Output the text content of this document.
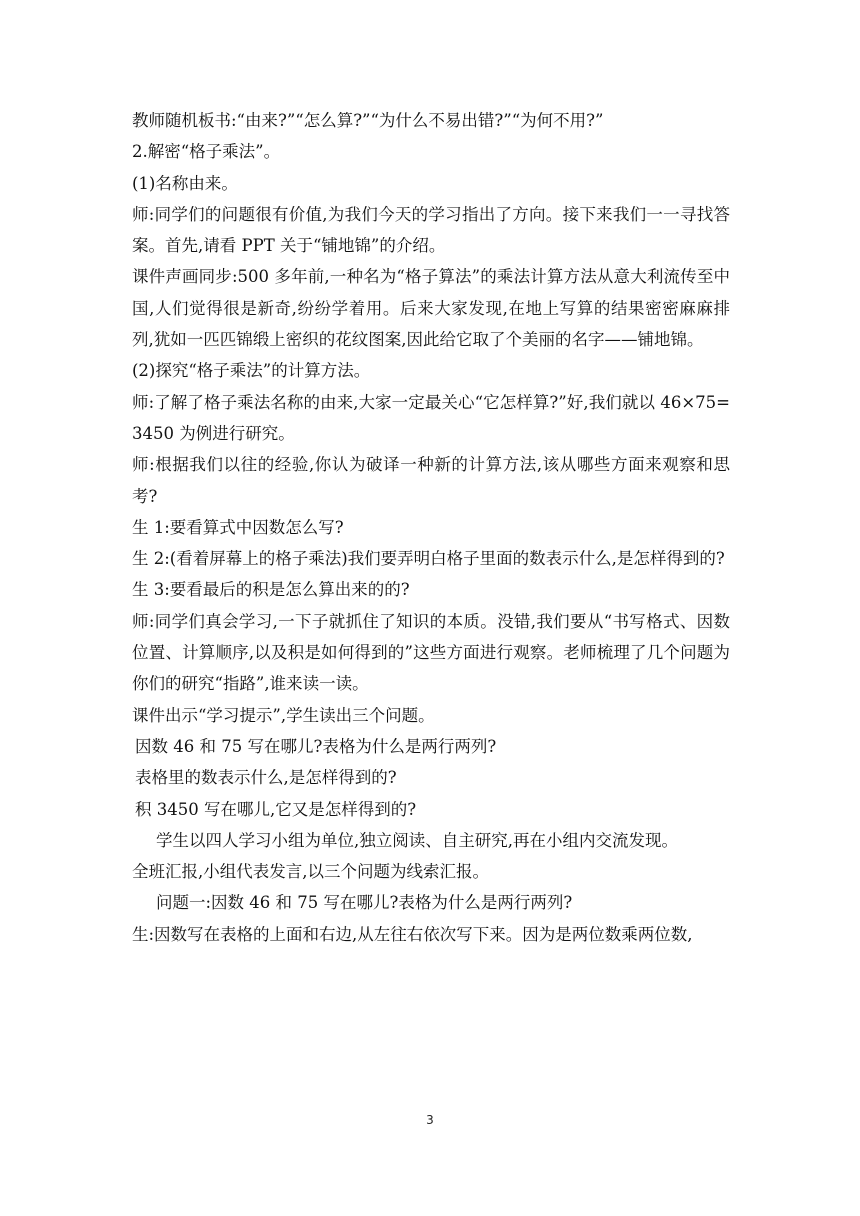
教师随机板书:“由来?”“怎么算?”“为什么不易出错?”“为何不用?”

2.解密“格子乘法”。

(1)名称由来。

师:同学们的问题很有价值,为我们今天的学习指出了方向。接下来我们一一寻找答案。首先,请看 PPT 关于“铺地锦”的介绍。

课件声画同步:500 多年前,一种名为“格子算法”的乘法计算方法从意大利流传至中国,人们觉得很是新奇,纷纷学着用。后来大家发现,在地上写算的结果密密麻麻排列,犹如一匹匹锦缎上密织的花纹图案,因此给它取了个美丽的名字——铺地锦。

(2)探究“格子乘法”的计算方法。

师:了解了格子乘法名称的由来,大家一定最关心“它怎样算?”好,我们就以 46×75=3450 为例进行研究。

师:根据我们以往的经验,你认为破译一种新的计算方法,该从哪些方面来观察和思考?

生 1:要看算式中因数怎么写?

生 2:(看着屏幕上的格子乘法)我们要弄明白格子里面的数表示什么,是怎样得到的?

生 3:要看最后的积是怎么算出来的的?

师:同学们真会学习,一下子就抓住了知识的本质。没错,我们要从“书写格式、因数位置、计算顺序,以及积是如何得到的”这些方面进行观察。老师梳理了几个问题为你们的研究“指路”,谁来读一读。

课件出示“学习提示”,学生读出三个问题。

因数 46 和 75 写在哪儿?表格为什么是两行两列?

表格里的数表示什么,是怎样得到的?

积 3450 写在哪儿,它又是怎样得到的?

学生以四人学习小组为单位,独立阅读、自主研究,再在小组内交流发现。

全班汇报,小组代表发言,以三个问题为线索汇报。

问题一:因数 46 和 75 写在哪儿?表格为什么是两行两列?

生:因数写在表格的上面和右边,从左往右依次写下来。因为是两位数乘两位数,

3
